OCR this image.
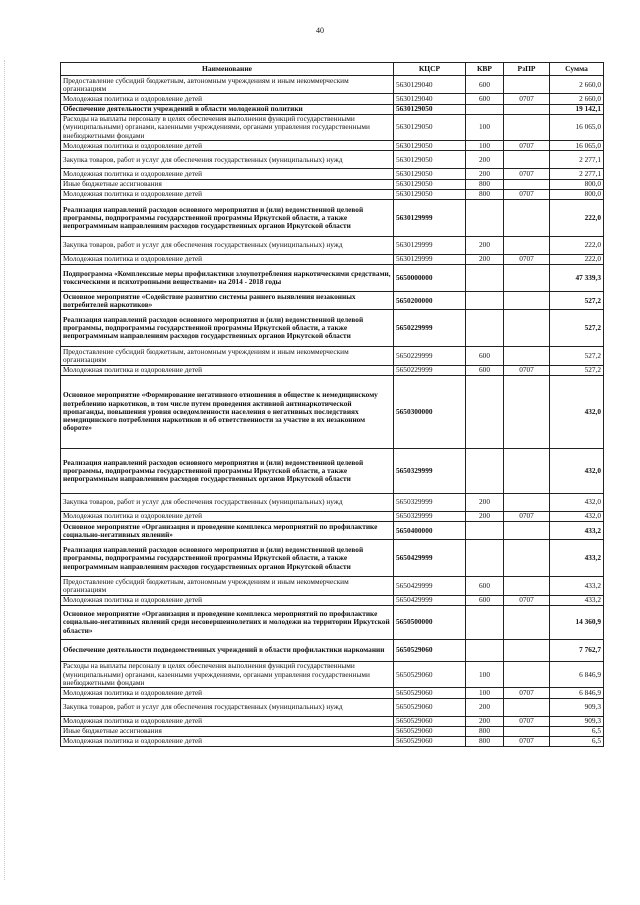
40
Наименование	КЦСР	КВР	РзПР	Сумма
Предоставление субсидий бюджетным, автономным учреждениям и иным некоммерческим организациям	5630129040	600		2 660,0
Молодежная политика и оздоровление детей	5630129040	600	0707	2 660,0
Обеспечение деятельности учреждений в области молодежной политики	5630129050			19 142,1
Расходы на выплаты персоналу в целях обеспечения выполнения функций государственными (муниципальными) органами, казенными учреждениями, органами управления государственными внебюджетными фондами	5630129050	100		16 065,0
Молодежная политика и оздоровление детей	5630129050	100	0707	16 065,0
Закупка товаров, работ и услуг для обеспечения государственных (муниципальных) нужд	5630129050	200		2 277,1
Молодежная политика и оздоровление детей	5630129050	200	0707	2 277,1
Иные бюджетные ассигнования	5630129050	800		800,0
Молодежная политика и оздоровление детей	5630129050	800	0707	800,0
Реализация направлений расходов основного мероприятия и (или) ведомственной целевой программы, подпрограммы государственной программы Иркутской области, а также непрограммным направлениям расходов государственных органов Иркутской области	5630129999			222,0
Закупка товаров, работ и услуг для обеспечения государственных (муниципальных) нужд	5630129999	200		222,0
Молодежная политика и оздоровление детей	5630129999	200	0707	222,0
Подпрограмма «Комплексные меры профилактики злоупотребления наркотическими средствами, токсическими и психотропными веществами» на 2014 - 2018 годы	5650000000			47 339,3
Основное мероприятие «Содействие развитию системы раннего выявления незаконных потребителей наркотиков»	5650200000			527,2
Реализация направлений расходов основного мероприятия и (или) ведомственной целевой программы, подпрограммы государственной программы Иркутской области, а также непрограммным направлениям расходов государственных органов Иркутской области	5650229999			527,2
Предоставление субсидий бюджетным, автономным учреждениям и иным некоммерческим организациям	5650229999	600		527,2
Молодежная политика и оздоровление детей	5650229999	600	0707	527,2
Основное мероприятие «Формирование негативного отношения в обществе к немедицинскому потреблению наркотиков, в том числе путем проведения активной антинаркотической пропаганды, повышения уровня осведомленности населения о негативных последствиях немедицинского потребления наркотиков и об ответственности за участие в их незаконном обороте»	5650300000			432,0
Реализация направлений расходов основного мероприятия и (или) ведомственной целевой программы, подпрограммы государственной программы Иркутской области, а также непрограммным направлениям расходов государственных органов Иркутской области	5650329999			432,0
Закупка товаров, работ и услуг для обеспечения государственных (муниципальных) нужд	5650329999	200		432,0
Молодежная политика и оздоровление детей	5650329999	200	0707	432,0
Основное мероприятие «Организация и проведение комплекса мероприятий по профилактике социально-негативных явлений»	5650400000			433,2
Реализация направлений расходов основного мероприятия и (или) ведомственной целевой программы, подпрограммы государственной программы Иркутской области, а также непрограммным направлениям расходов государственных органов Иркутской области	5650429999			433,2
Предоставление субсидий бюджетным, автономным учреждениям и иным некоммерческим организациям	5650429999	600		433,2
Молодежная политика и оздоровление детей	5650429999	600	0707	433,2
Основное мероприятие «Организация и проведение комплекса мероприятий по профилактике социально-негативных явлений среди несовершеннолетних и молодежи на территории Иркутской области»	5650500000			14 360,9
Обеспечение деятельности подведомственных учреждений в области профилактики наркомании	5650529060			7 762,7
Расходы на выплаты персоналу в целях обеспечения выполнения функций государственными (муниципальными) органами, казенными учреждениями, органами управления государственными внебюджетными фондами	5650529060	100		6 846,9
Молодежная политика и оздоровление детей	5650529060	100	0707	6 846,9
Закупка товаров, работ и услуг для обеспечения государственных (муниципальных) нужд	5650529060	200		909,3
Молодежная политика и оздоровление детей	5650529060	200	0707	909,3
Иные бюджетные ассигнования	5650529060	800		6,5
Молодежная политика и оздоровление детей	5650529060	800	0707	6,5
